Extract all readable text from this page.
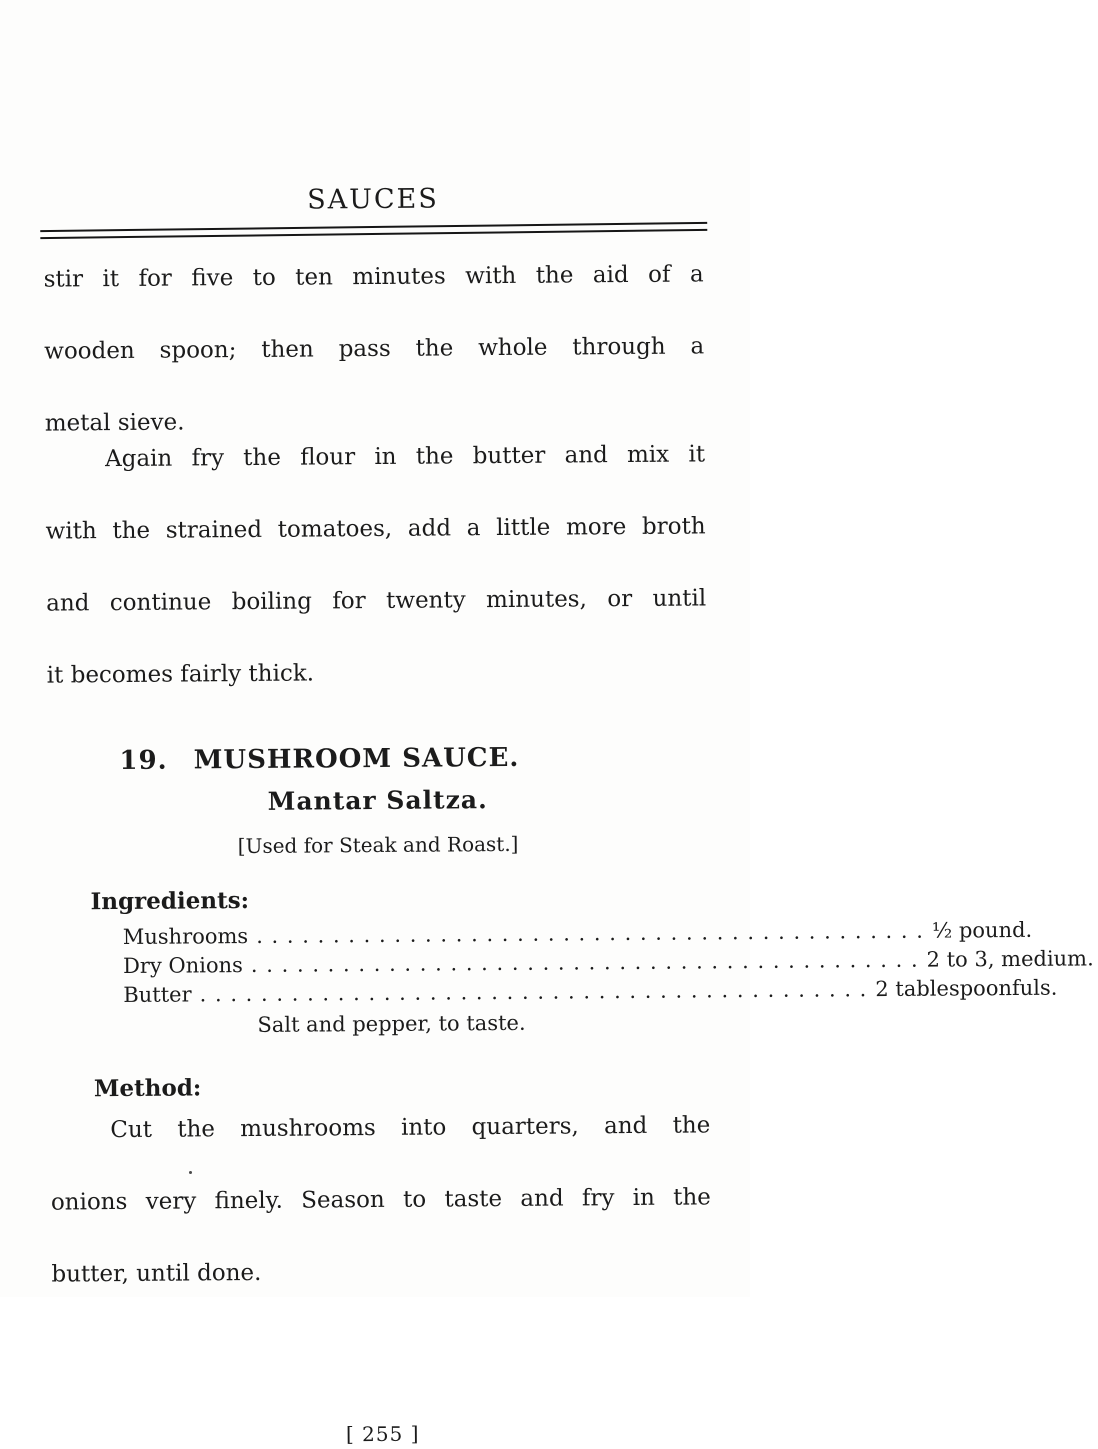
SAUCES
stir it for five to ten minutes with the aid of a
wooden spoon; then pass the whole through a
metal sieve.
Again fry the flour in the butter and mix it
with the strained tomatoes, add a little more broth
and continue boiling for twenty minutes, or until
it becomes fairly thick.
19. MUSHROOM SAUCE.
Mantar Saltza.
[Used for Steak and Roast.]
Ingredients:
Mushrooms . . .	½ pound.
Dry Onions . . .	2 to 3, medium.
Butter . . .	2 tablespoonfuls.
Salt and pepper, to taste.
Method:
Cut the mushrooms into quarters, and the
onions very finely. Season to taste and fry in the
butter, until done.
[ 255 ]
